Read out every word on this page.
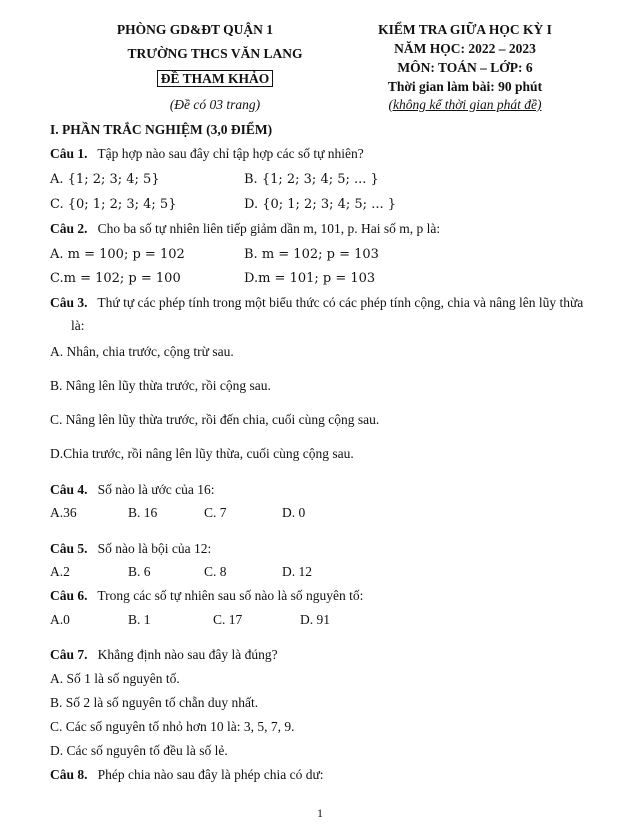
PHÒNG GD&ĐT QUẬN 1
TRƯỜNG THCS VĂN LANG
ĐỀ THAM KHẢO
(Đề có 03 trang)
KIỂM TRA GIỮA HỌC KỲ I
NĂM HỌC: 2022 – 2023
MÔN: TOÁN – LỚP: 6
Thời gian làm bài: 90 phút
(không kể thời gian phát đề)
I. PHẦN TRẮC NGHIỆM (3,0 ĐIỂM)
Câu 1. Tập hợp nào sau đây chỉ tập hợp các số tự nhiên?
A. {1; 2; 3; 4; 5}	B. {1; 2; 3; 4; 5; ... }
C. {0; 1; 2; 3; 4; 5}	D. {0; 1; 2; 3; 4; 5; ... }
Câu 2. Cho ba số tự nhiên liên tiếp giảm dần m, 101, p. Hai số m, p là:
A. m = 100; p = 102	B. m = 102; p = 103
C.m = 102; p = 100	D.m = 101; p = 103
Câu 3. Thứ tự các phép tính trong một biểu thức có các phép tính cộng, chia và nâng lên lũy thừa
là:
A. Nhân, chia trước, cộng trừ sau.
B. Nâng lên lũy thừa trước, rồi cộng sau.
C. Nâng lên lũy thừa trước, rồi đến chia, cuối cùng cộng sau.
D.Chia trước, rồi nâng lên lũy thừa, cuối cùng cộng sau.
Câu 4. Số nào là ước của 16:
A.36	B. 16	C. 7	D. 0
Câu 5. Số nào là bội của 12:
A.2	B. 6	C. 8	D. 12
Câu 6. Trong các số tự nhiên sau số nào là số nguyên tố:
A.0	B. 1	C. 17	D. 91
Câu 7. Khẳng định nào sau đây là đúng?
A. Số 1 là số nguyên tố.
B. Số 2 là số nguyên tố chẵn duy nhất.
C. Các số nguyên tố nhỏ hơn 10 là: 3, 5, 7, 9.
D. Các số nguyên tố đều là số lẻ.
Câu 8. Phép chia nào sau đây là phép chia có dư:
1
